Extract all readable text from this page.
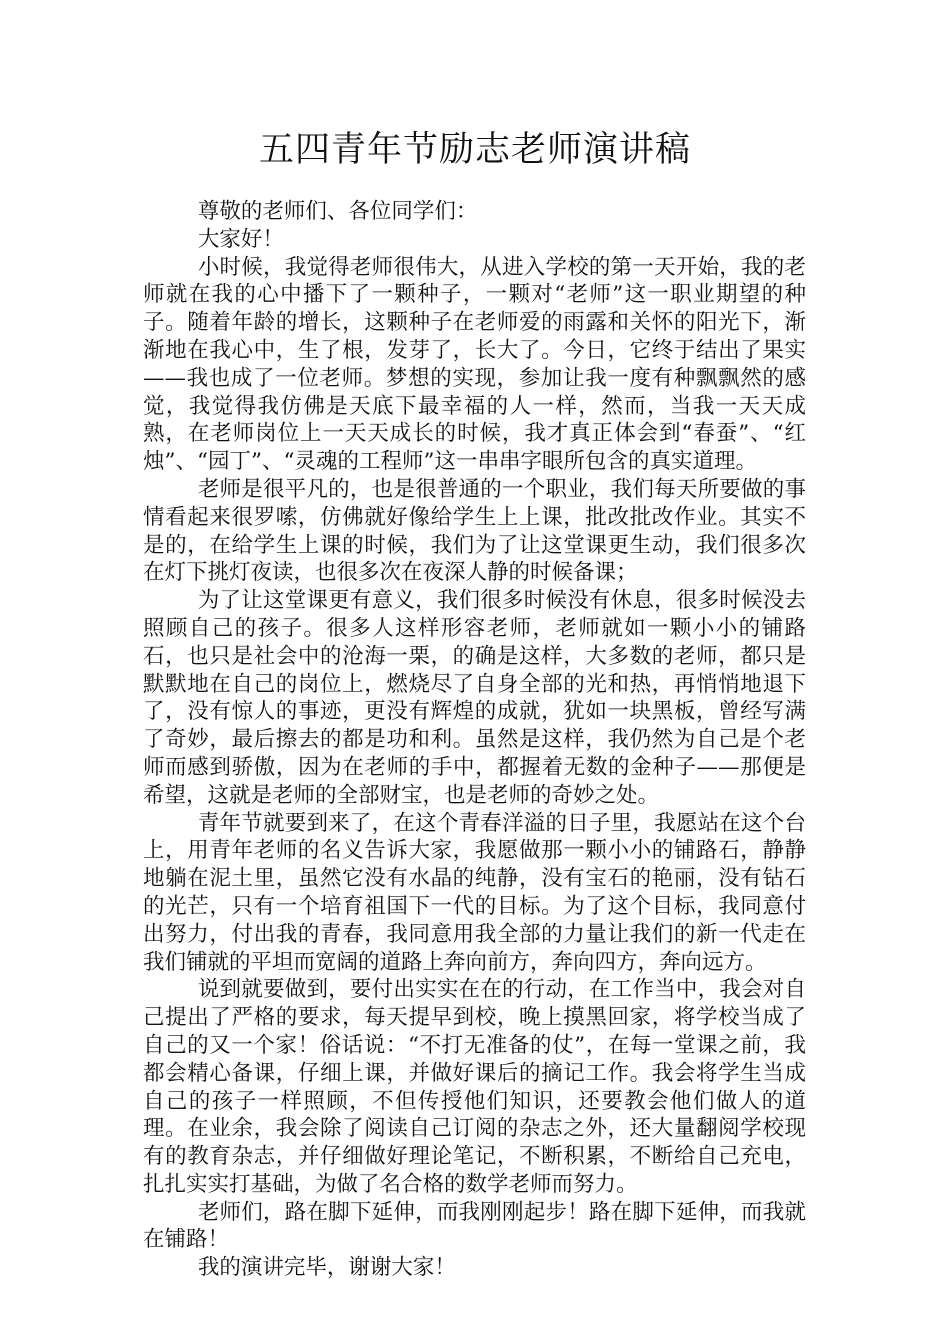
五四青年节励志老师演讲稿

尊敬的老师们、各位同学们：

大家好！

小时候，我觉得老师很伟大，从进入学校的第一天开始，我的老师就在我的心中播下了一颗种子，一颗对“老师”这一职业期望的种子。随着年龄的增长，这颗种子在老师爱的雨露和关怀的阳光下，渐渐地在我心中，生了根，发芽了，长大了。今日，它终于结出了果实——我也成了一位老师。梦想的实现，参加让我一度有种飘飘然的感觉，我觉得我仿佛是天底下最幸福的人一样，然而，当我一天天成熟，在老师岗位上一天天成长的时候，我才真正体会到“春蚕”、“红烛”、“园丁”、“灵魂的工程师”这一串串字眼所包含的真实道理。

老师是很平凡的，也是很普通的一个职业，我们每天所要做的事情看起来很罗嗦，仿佛就好像给学生上上课，批改批改作业。其实不是的，在给学生上课的时候，我们为了让这堂课更生动，我们很多次在灯下挑灯夜读，也很多次在夜深人静的时候备课；

为了让这堂课更有意义，我们很多时候没有休息，很多时候没去照顾自己的孩子。很多人这样形容老师，老师就如一颗小小的铺路石，也只是社会中的沧海一栗，的确是这样，大多数的老师，都只是默默地在自己的岗位上，燃烧尽了自身全部的光和热，再悄悄地退下了，没有惊人的事迹，更没有辉煌的成就，犹如一块黑板，曾经写满了奇妙，最后擦去的都是功和利。虽然是这样，我仍然为自己是个老师而感到骄傲，因为在老师的手中，都握着无数的金种子——那便是希望，这就是老师的全部财宝，也是老师的奇妙之处。

青年节就要到来了，在这个青春洋溢的日子里，我愿站在这个台上，用青年老师的名义告诉大家，我愿做那一颗小小的铺路石，静静地躺在泥土里，虽然它没有水晶的纯静，没有宝石的艳丽，没有钻石的光芒，只有一个培育祖国下一代的目标。为了这个目标，我同意付出努力，付出我的青春，我同意用我全部的力量让我们的新一代走在我们铺就的平坦而宽阔的道路上奔向前方，奔向四方，奔向远方。

说到就要做到，要付出实实在在的行动，在工作当中，我会对自己提出了严格的要求，每天提早到校，晚上摸黑回家，将学校当成了自己的又一个家！俗话说：“不打无准备的仗”，在每一堂课之前，我都会精心备课，仔细上课，并做好课后的摘记工作。我会将学生当成自己的孩子一样照顾，不但传授他们知识，还要教会他们做人的道理。在业余，我会除了阅读自己订阅的杂志之外，还大量翻阅学校现有的教育杂志，并仔细做好理论笔记，不断积累，不断给自己充电，扎扎实实打基础，为做了名合格的数学老师而努力。

老师们，路在脚下延伸，而我刚刚起步！路在脚下延伸，而我就在铺路！

我的演讲完毕，谢谢大家！
